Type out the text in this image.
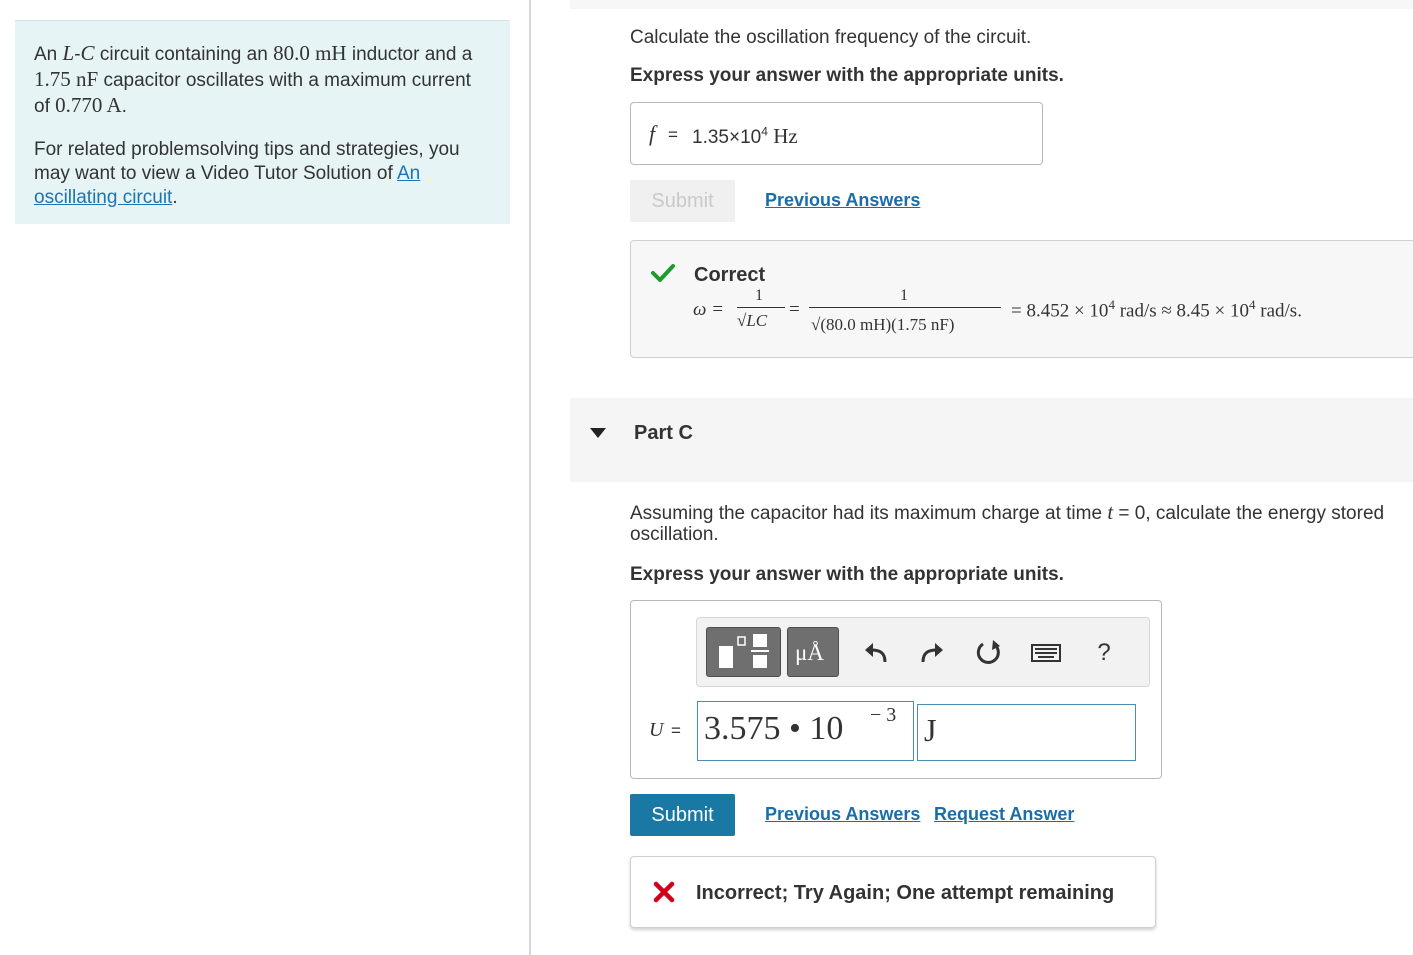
An L-C circuit containing an 80.0 mH inductor and a 1.75 nF capacitor oscillates with a maximum current of 0.770 A.

For related problemsolving tips and strategies, you may want to view a Video Tutor Solution of An oscillating circuit.

Calculate the oscillation frequency of the circuit.

Express your answer with the appropriate units.

$f = 1.35\times 10^4$ Hz
Submit	Previous Answers
Correct
ω =
1
√LC
=
1
√(80.0 mH)(1.75 nF)
= $8.452 \times 10^4$ $rad/s \approx 8.45 \times 10^4$ rad/s.
Part C

Assuming the capacitor had its maximum charge at time t = 0, calculate the energy stored

oscillation.

Express your answer with the appropriate units.

μÅ	?
U = 3.575 • 10 − 3 J
Submit	Previous Answers Request Answer
Incorrect; Try Again; One attempt remaining
